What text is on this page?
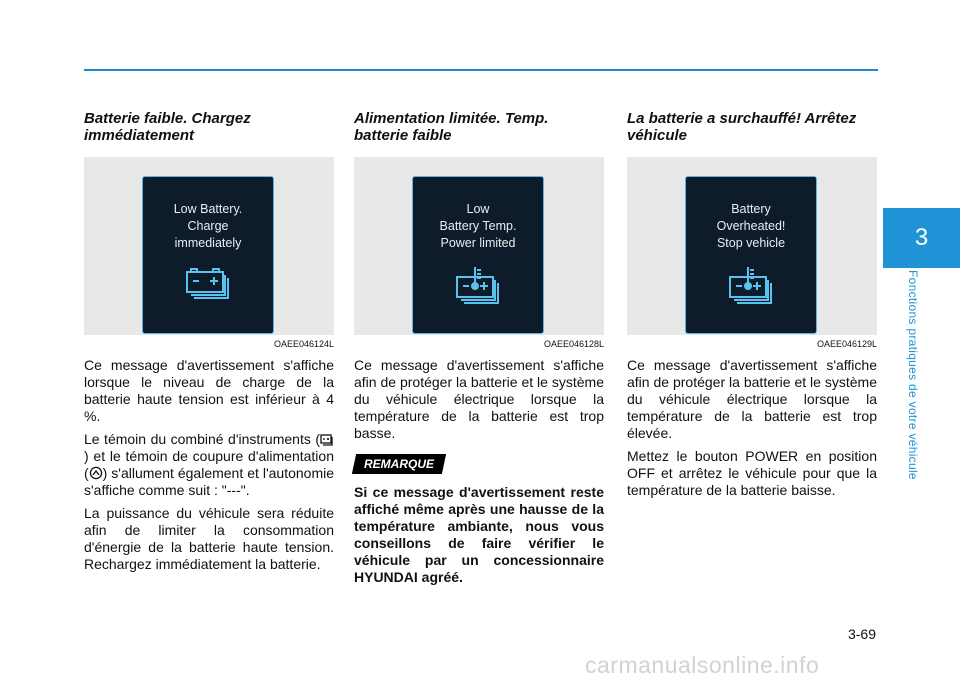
3
Fonctions pratiques de votre véhicule
Batterie faible. Chargez immédiatement
Low Battery.
Charge
immediately
OAEE046124L

Ce message d'avertissement s'affiche lorsque le niveau de charge de la batterie haute tension est inférieur à 4 %.

Le témoin du combiné d'instruments () et le témoin de coupure d'alimentation ( ) s'allument également et l'autonomie s'affiche comme suit : "---".

La puissance du véhicule sera réduite afin de limiter la consommation d'énergie de la batterie haute tension. Rechargez immédiatement la batterie.

Alimentation limitée. Temp. batterie faible
Low
Battery Temp.
Power limited
OAEE046128L

Ce message d'avertissement s'affiche afin de protéger la batterie et le système du véhicule électrique lorsque la température de la batterie est trop basse.

REMARQUE

Si ce message d'avertissement reste affiché même après une hausse de la température ambiante, nous vous conseillons de faire vérifier le véhicule par un concessionnaire HYUNDAI agréé.

La batterie a surchauffé! Arrêtez véhicule
Battery
Overheated!
Stop vehicle
OAEE046129L

Ce message d'avertissement s'affiche afin de protéger la batterie et le système du véhicule électrique lorsque la température de la batterie est trop élevée.

Mettez le bouton POWER en position OFF et arrêtez le véhicule pour que la température de la batterie baisse.

3-69
carmanualsonline.info
